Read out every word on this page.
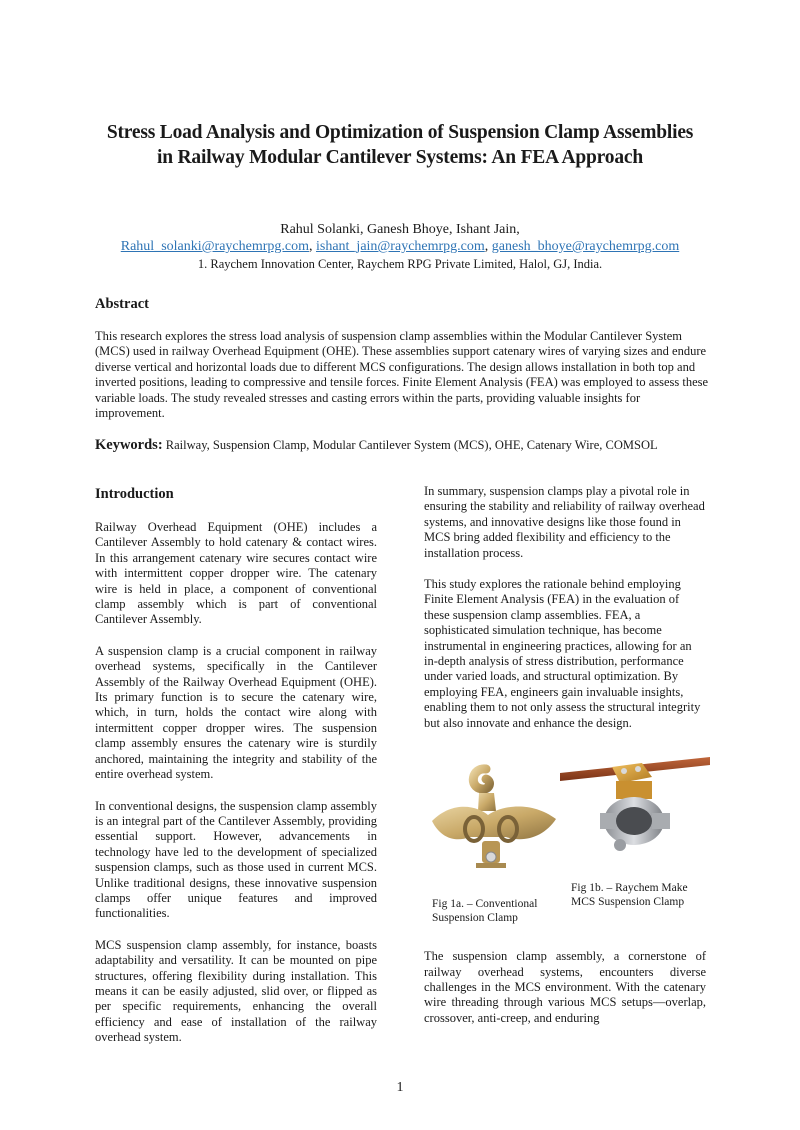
Stress Load Analysis and Optimization of Suspension Clamp Assemblies in Railway Modular Cantilever Systems: An FEA Approach
Rahul Solanki, Ganesh Bhoye, Ishant Jain,
Rahul_solanki@raychemrpg.com, ishant_jain@raychemrpg.com, ganesh_bhoye@raychemrpg.com
1. Raychem Innovation Center, Raychem RPG Private Limited, Halol, GJ, India.
Abstract
This research explores the stress load analysis of suspension clamp assemblies within the Modular Cantilever System (MCS) used in railway Overhead Equipment (OHE). These assemblies support catenary wires of varying sizes and endure diverse vertical and horizontal loads due to different MCS configurations. The design allows installation in both top and inverted positions, leading to compressive and tensile forces. Finite Element Analysis (FEA) was employed to assess these variable loads. The study revealed stresses and casting errors within the parts, providing valuable insights for improvement.
Keywords: Railway, Suspension Clamp, Modular Cantilever System (MCS), OHE, Catenary Wire, COMSOL
Introduction

Railway Overhead Equipment (OHE) includes a Cantilever Assembly to hold catenary & contact wires. In this arrangement catenary wire secures contact wire with intermittent copper dropper wire. The catenary wire is held in place, a component of conventional clamp assembly which is part of conventional Cantilever Assembly.

A suspension clamp is a crucial component in railway overhead systems, specifically in the Cantilever Assembly of the Railway Overhead Equipment (OHE). Its primary function is to secure the catenary wire, which, in turn, holds the contact wire along with intermittent copper dropper wires. The suspension clamp assembly ensures the catenary wire is sturdily anchored, maintaining the integrity and stability of the entire overhead system.

In conventional designs, the suspension clamp assembly is an integral part of the Cantilever Assembly, providing essential support. However, advancements in technology have led to the development of specialized suspension clamps, such as those used in current MCS. Unlike traditional designs, these innovative suspension clamps offer unique features and improved functionalities.

MCS suspension clamp assembly, for instance, boasts adaptability and versatility. It can be mounted on pipe structures, offering flexibility during installation. This means it can be easily adjusted, slid over, or flipped as per specific requirements, enhancing the overall efficiency and ease of installation of the railway overhead system.

In summary, suspension clamps play a pivotal role in ensuring the stability and reliability of railway overhead systems, and innovative designs like those found in MCS bring added flexibility and efficiency to the installation process.

This study explores the rationale behind employing Finite Element Analysis (FEA) in the evaluation of these suspension clamp assemblies. FEA, a sophisticated simulation technique, has become instrumental in engineering practices, allowing for an in-depth analysis of stress distribution, performance under varied loads, and structural optimization. By employing FEA, engineers gain invaluable insights, enabling them to not only assess the structural integrity but also innovate and enhance the design.

Fig 1a. – Conventional Suspension Clamp
Fig 1b. – Raychem Make MCS Suspension Clamp

The suspension clamp assembly, a cornerstone of railway overhead systems, encounters diverse challenges in the MCS environment. With the catenary wire threading through various MCS setups—overlap, crossover, anti-creep, and enduring

1
